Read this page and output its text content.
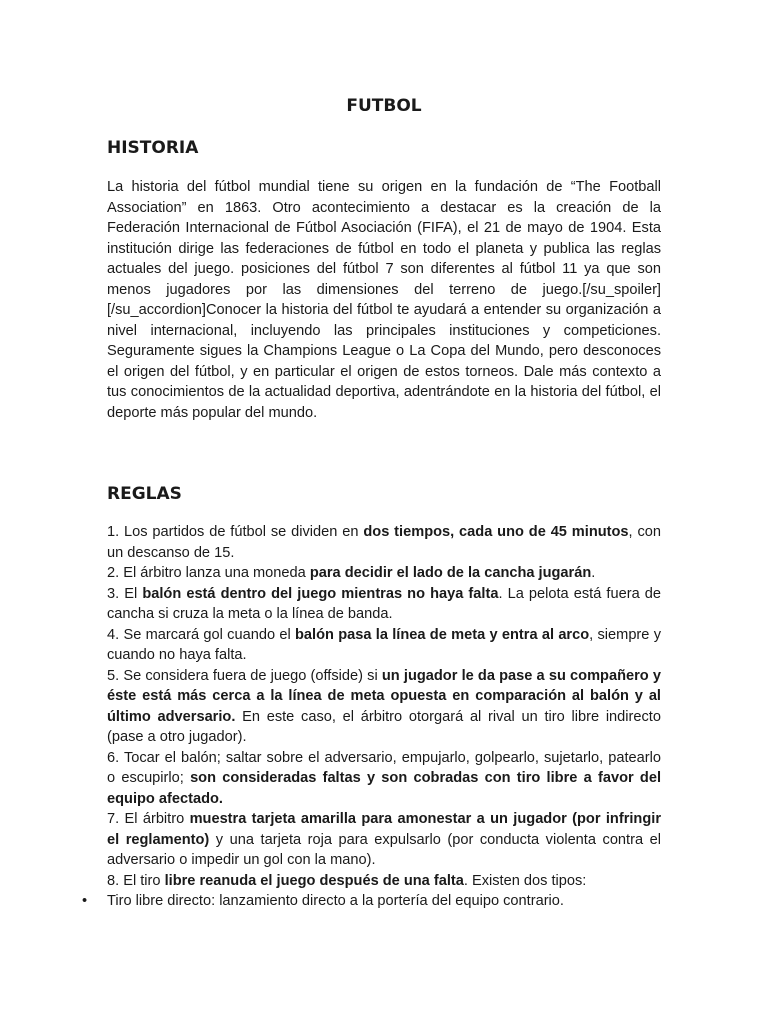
FUTBOL
HISTORIA

La historia del fútbol mundial tiene su origen en la fundación de “The Football Association” en 1863. Otro acontecimiento a destacar es la creación de la Federación Internacional de Fútbol Asociación (FIFA), el 21 de mayo de 1904. Esta institución dirige las federaciones de fútbol en todo el planeta y publica las reglas actuales del juego. posiciones del fútbol 7 son diferentes al fútbol 11 ya que son menos jugadores por las dimensiones del terreno de juego.[/su_spoiler][/su_accordion]Conocer la historia del fútbol te ayudará a entender su organización a nivel internacional, incluyendo las principales instituciones y competiciones. Seguramente sigues la Champions League o La Copa del Mundo, pero desconoces el origen del fútbol, y en particular el origen de estos torneos. Dale más contexto a tus conocimientos de la actualidad deportiva, adentrándote en la historia del fútbol, el deporte más popular del mundo.

REGLAS

1. Los partidos de fútbol se dividen en dos tiempos, cada uno de 45 minutos, con un descanso de 15.

2. El árbitro lanza una moneda para decidir el lado de la cancha jugarán.

3. El balón está dentro del juego mientras no haya falta. La pelota está fuera de cancha si cruza la meta o la línea de banda.

4. Se marcará gol cuando el balón pasa la línea de meta y entra al arco, siempre y cuando no haya falta.

5. Se considera fuera de juego (offside) si un jugador le da pase a su compañero y éste está más cerca a la línea de meta opuesta en comparación al balón y al último adversario. En este caso, el árbitro otorgará al rival un tiro libre indirecto (pase a otro jugador).

6. Tocar el balón; saltar sobre el adversario, empujarlo, golpearlo, sujetarlo, patearlo o escupirlo; son consideradas faltas y son cobradas con tiro libre a favor del equipo afectado.

7. El árbitro muestra tarjeta amarilla para amonestar a un jugador (por infringir el reglamento) y una tarjeta roja para expulsarlo (por conducta violenta contra el adversario o impedir un gol con la mano).

8. El tiro libre reanuda el juego después de una falta. Existen dos tipos:

• Tiro libre directo: lanzamiento directo a la portería del equipo contrario.
